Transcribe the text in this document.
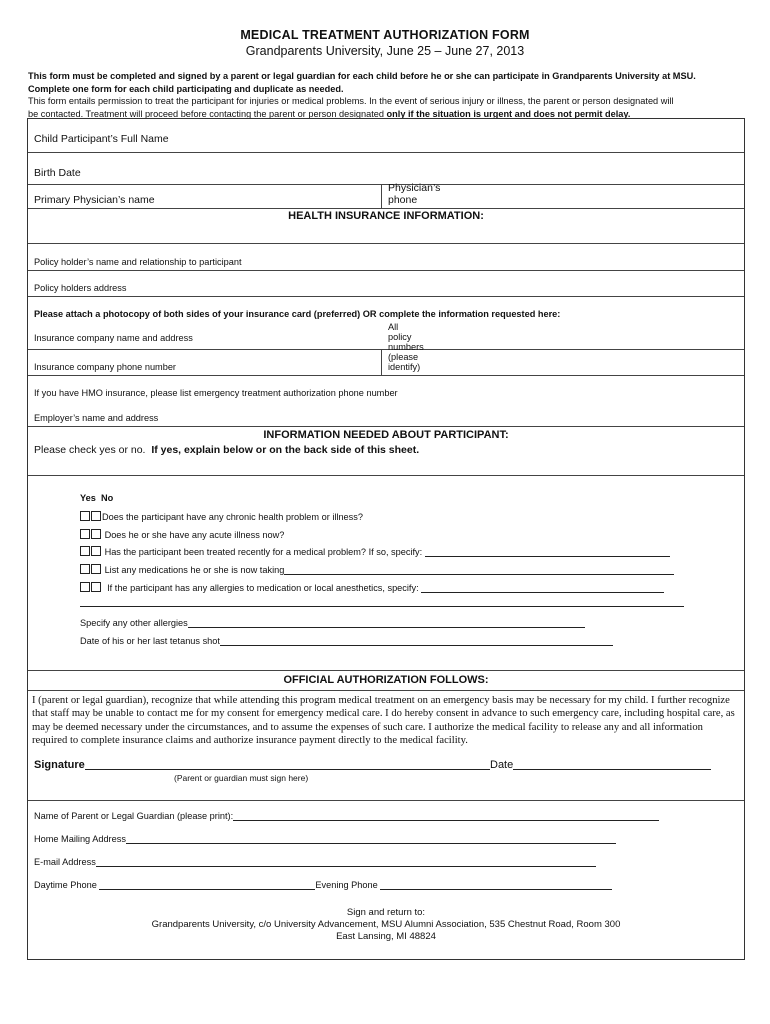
MEDICAL TREATMENT AUTHORIZATION FORM
Grandparents University, June 25 – June 27, 2013
This form must be completed and signed by a parent or legal guardian for each child before he or she can participate in Grandparents University at MSU.
Complete one form for each child participating and duplicate as needed.
This form entails permission to treat the participant for injuries or medical problems. In the event of serious injury or illness, the parent or person designated will
be contacted. Treatment will proceed before contacting the parent or person designated only if the situation is urgent and does not permit delay.
Child Participant’s Full Name
Birth Date
Primary Physician’s name
Physician’s phone
HEALTH INSURANCE INFORMATION:
Policy holder’s name and relationship to participant
Policy holders address
Please attach a photocopy of both sides of your insurance card (preferred) OR complete the information requested here:
Insurance company name and address
Insurance company phone number
All policy numbers (please identify)
If you have HMO insurance, please list emergency treatment authorization phone number
Employer’s name and address
INFORMATION NEEDED ABOUT PARTICIPANT:
Please check yes or no. If yes, explain below or on the back side of this sheet.
Yes No
Does the participant have any chronic health problem or illness?
Does he or she have any acute illness now?
Has the participant been treated recently for a medical problem? If so, specify:
List any medications he or she is now taking
If the participant has any allergies to medication or local anesthetics, specify:
Specify any other allergies
Date of his or her last tetanus shot
OFFICIAL AUTHORIZATION FOLLOWS:
I (parent or legal guardian), recognize that while attending this program medical treatment on an emergency basis may be necessary for my child. I further recognize that staff may be unable to contact me for my consent for emergency medical care. I do hereby consent in advance to such emergency care, including hospital care, as may be deemed necessary under the circumstances, and to assume the expenses of such care. I authorize the medical facility to release any and all information required to complete insurance claims and authorize insurance payment directly to the medical facility.
Signature	Date
(Parent or guardian must sign here)
Name of Parent or Legal Guardian (please print):
Home Mailing Address
E-mail Address
Daytime Phone	Evening Phone
Sign and return to:
Grandparents University, c/o University Advancement, MSU Alumni Association, 535 Chestnut Road, Room 300
East Lansing, MI 48824
